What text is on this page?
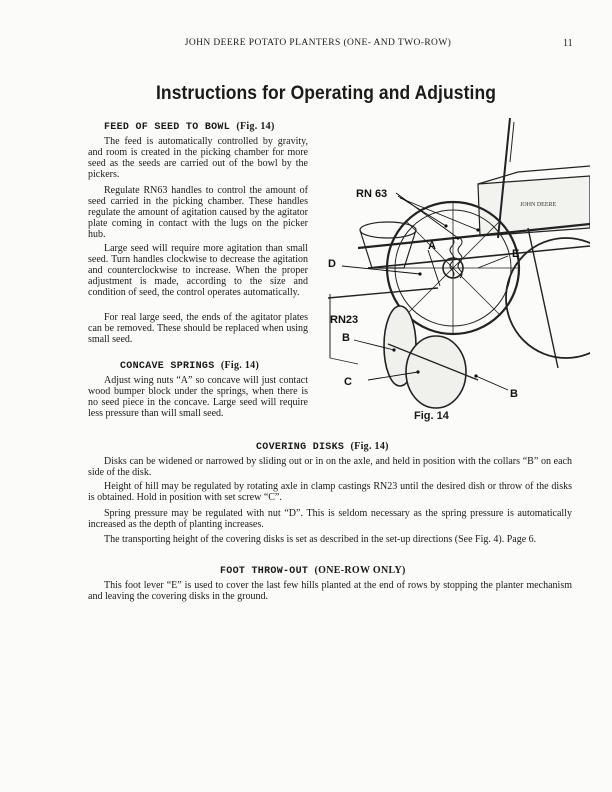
JOHN DEERE POTATO PLANTERS (ONE- AND TWO-ROW)	11
Instructions for Operating and Adjusting
FEED OF SEED TO BOWL (Fig. 14)

The feed is automatically controlled by gravity, and room is created in the picking chamber for more seed as the seeds are carried out of the bowl by the pickers.

Regulate RN63 handles to control the amount of seed carried in the picking chamber. These handles regulate the amount of agitation caused by the agitator plate coming in contact with the lugs on the picker hub.

Large seed will require more agitation than small seed. Turn handles clockwise to decrease the agitation and counterclockwise to increase. When the proper adjustment is made, according to the size and condition of seed, the control operates automatically.

For real large seed, the ends of the agitator plates can be removed. These should be replaced when using small seed.

CONCAVE SPRINGS (Fig. 14)

Adjust wing nuts “A” so concave will just contact wood bumper block under the springs, when there is no seed piece in the concave. Large seed will require less pressure than will small seed.

JOHN DEERE
RN 63
A
D
E
RN23
B
C
B
Fig. 14
COVERING DISKS (Fig. 14)

Disks can be widened or narrowed by sliding out or in on the axle, and held in position with the collars “B” on each side of the disk.

Height of hill may be regulated by rotating axle in clamp castings RN23 until the desired dish or throw of the disks is obtained. Hold in position with set screw “C”.

Spring pressure may be regulated with nut “D”. This is seldom necessary as the spring pressure is automatically increased as the depth of planting increases.

The transporting height of the covering disks is set as described in the set-up directions (See Fig. 4). Page 6.

FOOT THROW-OUT (ONE-ROW ONLY)

This foot lever “E” is used to cover the last few hills planted at the end of rows by stopping the planter mechanism and leaving the covering disks in the ground.
